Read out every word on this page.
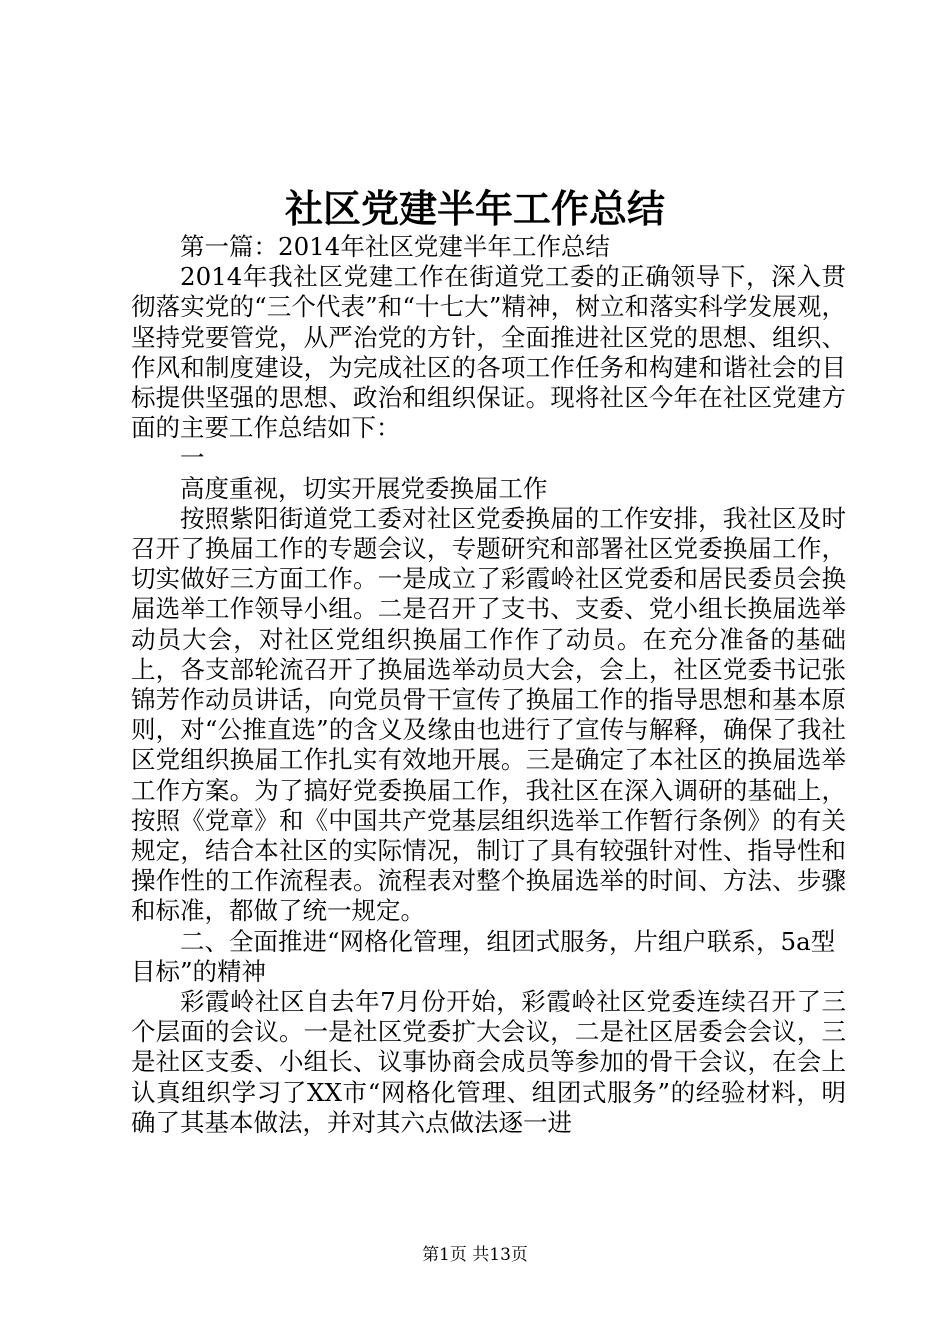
社区党建半年工作总结

第一篇：2014年社区党建半年工作总结

2014年我社区党建工作在街道党工委的正确领导下，深入贯彻落实党的“三个代表”和“十七大”精神，树立和落实科学发展观，坚持党要管党，从严治党的方针，全面推进社区党的思想、组织、作风和制度建设，为完成社区的各项工作任务和构建和谐社会的目标提供坚强的思想、政治和组织保证。现将社区今年在社区党建方面的主要工作总结如下：

一

高度重视，切实开展党委换届工作

按照紫阳街道党工委对社区党委换届的工作安排，我社区及时召开了换届工作的专题会议，专题研究和部署社区党委换届工作，切实做好三方面工作。一是成立了彩霞岭社区党委和居民委员会换届选举工作领导小组。二是召开了支书、支委、党小组长换届选举动员大会，对社区党组织换届工作作了动员。在充分准备的基础上，各支部轮流召开了换届选举动员大会，会上，社区党委书记张锦芳作动员讲话，向党员骨干宣传了换届工作的指导思想和基本原则，对“公推直选”的含义及缘由也进行了宣传与解释，确保了我社区党组织换届工作扎实有效地开展。三是确定了本社区的换届选举工作方案。为了搞好党委换届工作，我社区在深入调研的基础上，按照《党章》和《中国共产党基层组织选举工作暂行条例》的有关规定，结合本社区的实际情况，制订了具有较强针对性、指导性和操作性的工作流程表。流程表对整个换届选举的时间、方法、步骤和标准，都做了统一规定。

二、全面推进“网格化管理，组团式服务，片组户联系，5a型目标”的精神

彩霞岭社区自去年7月份开始，彩霞岭社区党委连续召开了三个层面的会议。一是社区党委扩大会议，二是社区居委会会议，三是社区支委、小组长、议事协商会成员等参加的骨干会议，在会上认真组织学习了XX市“网格化管理、组团式服务”的经验材料，明确了其基本做法，并对其六点做法逐一进

第1页 共13页
